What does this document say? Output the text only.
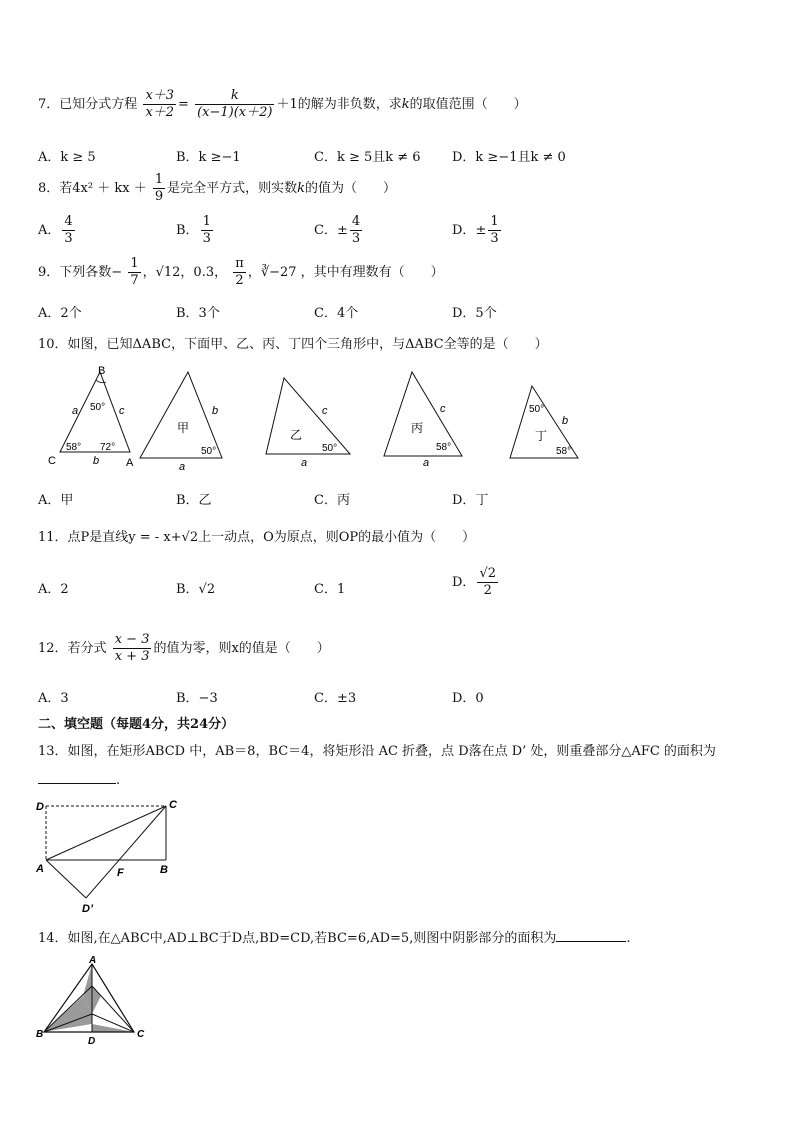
7．已知分式方程 $\frac{x+3}{x+2} = \frac{k}{(x-1)(x+2)} +1$的解为非负数，求k的取值范围（　　）
A．k ≥ 5	B．k ≥−1	C．k ≥ 5且k ≠ 6 D．k ≥−1且k ≠ 0
8．若4x² ＋ kx ＋ $\frac{1}{9}$ 是完全平方式，则实数k的值为（　　）
A． $\frac{4}{3}$	B． $\frac{1}{3}$	C．± $\frac{4}{3}$	D．± $\frac{1}{3}$
9．下列各数− $\frac{1}{7}$ ，√12，0.3， $\frac{\pi}{2}$ ，∛−27 ，其中有理数有（　　）
A．2个	B．3个	C．4个	D．5个
10．如图，已知ΔABC，下面甲、乙、丙、丁四个三角形中，与ΔABC全等的是（　　）
B
C	A
a	c
b
50°
58° 72°
甲
b
a
50°
乙
c
a
50°
丙
c
a
58°
丁
b
50°
58°
A．甲	B．乙	C．丙	D．丁
11．点P是直线y = - x+√2上一动点，O为原点，则OP的最小值为（　　）
A．2	B．√2	C．1	D． $\frac{√2}{2}$
12．若分式 $\frac{x - 3}{x + 3}$ 的值为零，则x的值是（　　）
A．3	B．−3	C．±3	D．0
二、填空题（每题4分，共24分）
13．如图，在矩形ABCD 中，AB＝8，BC＝4，将矩形沿 AC 折叠，点 D落在点 D’ 处，则重叠部分△AFC 的面积为
.
D	C
A	B
F
D’
14．如图,在△ABC中,AD⊥BC于D点,BD=CD,若BC=6,AD=5,则图中阴影部分的面积为	.
A
B	C
D
